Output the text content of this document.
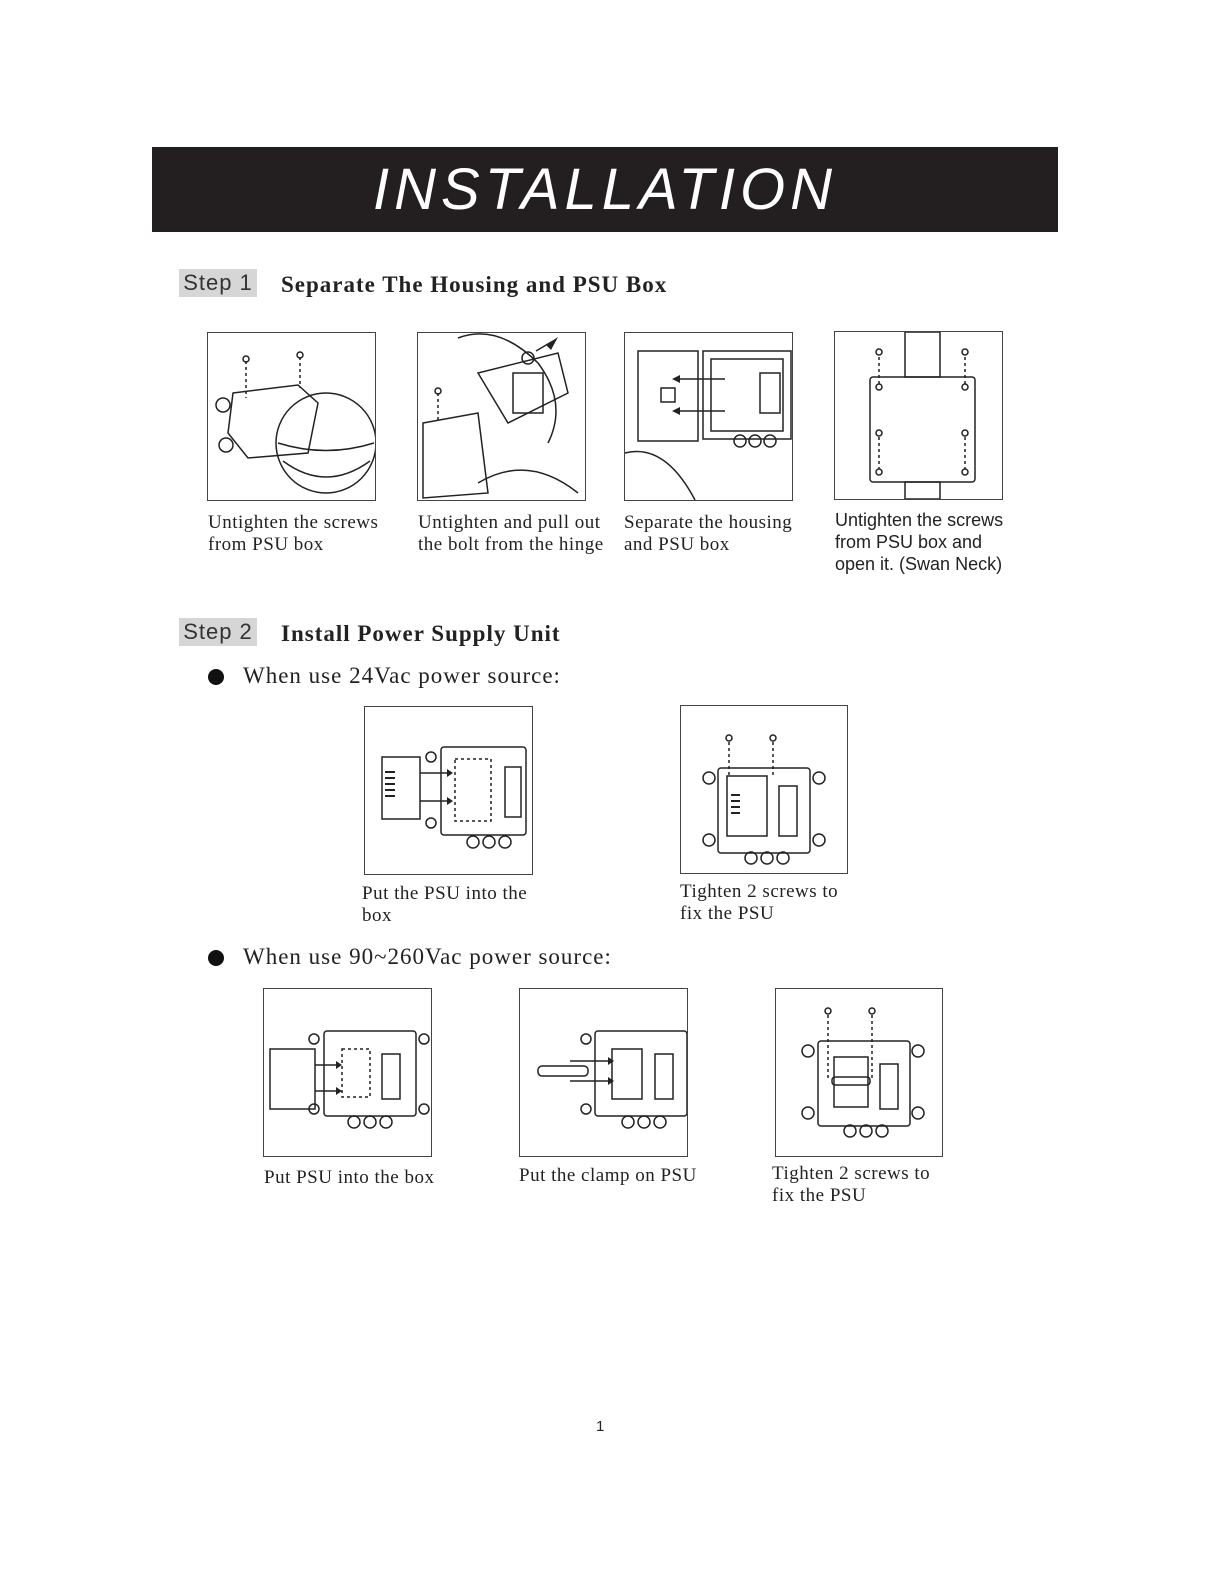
INSTALLATION
Step 1 Separate The Housing and PSU Box
Untighten the screws
from PSU box
Untighten and pull out
the bolt from the hinge
Separate the housing
and PSU box
Untighten the screws
from PSU box and
open it. (Swan Neck)
Step 2 Install Power Supply Unit
When use 24Vac power source:
Put the PSU into the
box
Tighten 2 screws to
fix the PSU
When use 90~260Vac power source:
Put PSU into the box	Put the clamp on PSU	Tighten 2 screws to
fix the PSU
1
